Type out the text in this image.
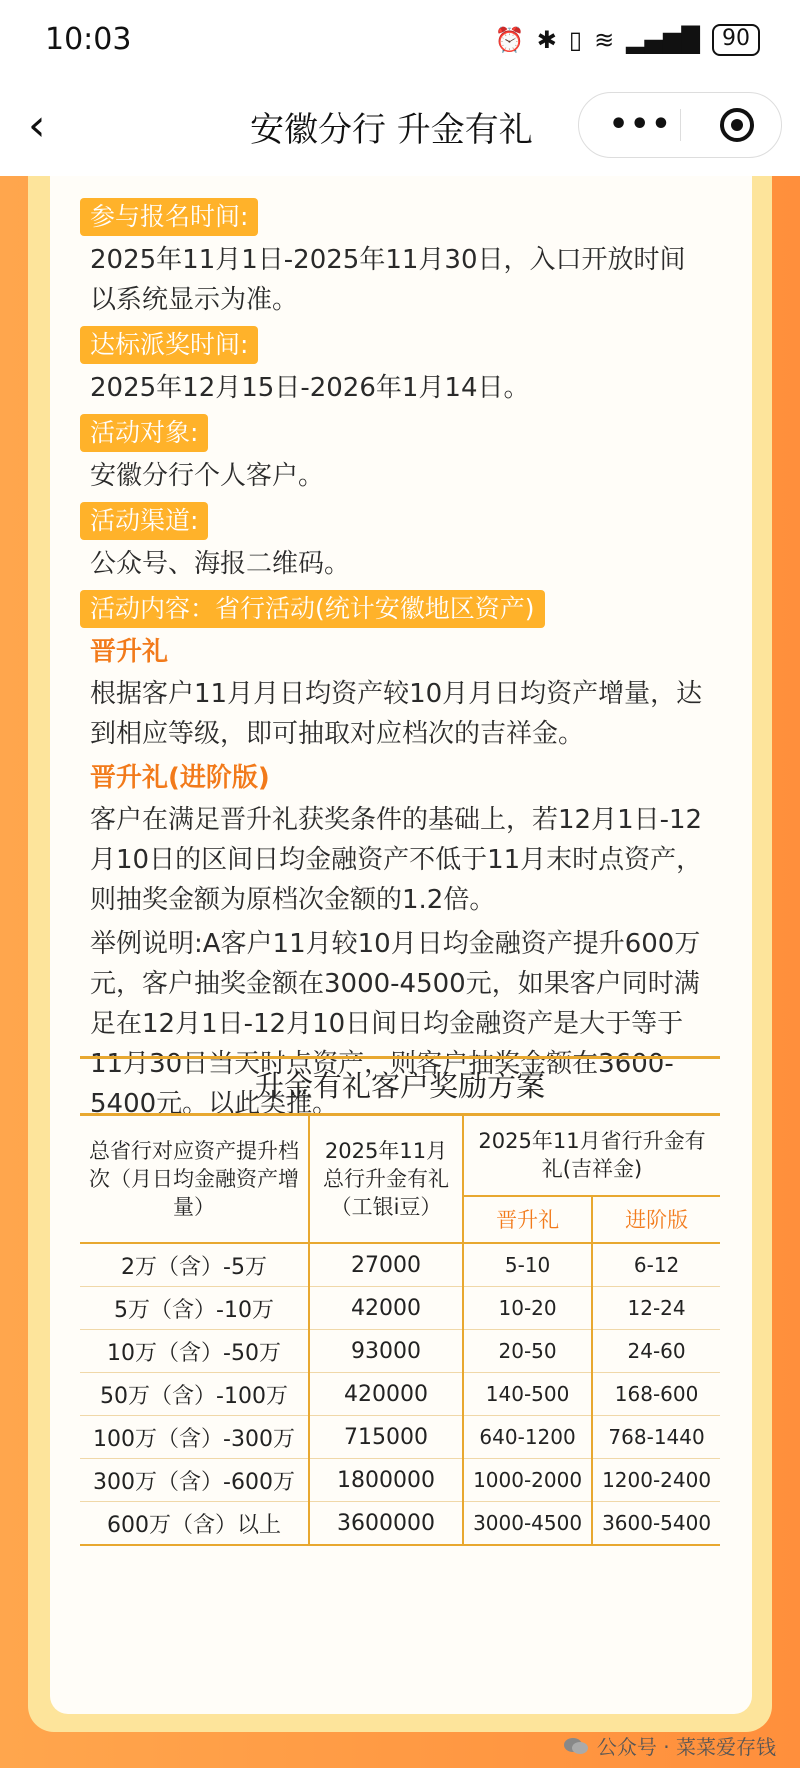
10:03	⏰ ✱ ▯ ≋ ▂▄▆█	90
‹	安徽分行 升金有礼	•••
参与报名时间:
2025年11月1日-2025年11月30日，入口开放时间以系统显示为准。
达标派奖时间:
2025年12月15日-2026年1月14日。
活动对象:
安徽分行个人客户。
活动渠道:
公众号、海报二维码。
活动内容：省行活动(统计安徽地区资产)
晋升礼
根据客户11月月日均资产较10月月日均资产增量，达到相应等级，即可抽取对应档次的吉祥金。
晋升礼(进阶版)
客户在满足晋升礼获奖条件的基础上，若12月1日-12月10日的区间日均金融资产不低于11月末时点资产，则抽奖金额为原档次金额的1.2倍。
举例说明:A客户11月较10月日均金融资产提升600万元，客户抽奖金额在3000-4500元，如果客户同时满足在12月1日-12月10日间日均金融资产是大于等于11月30日当天时点资产，则客户抽奖金额在3600-5400元。以此类推。
升金有礼客户奖励方案
总省行对应资产提升档次（月日均金融资产增量）	2025年11月总行升金有礼（工银i豆）	2025年11月省行升金有礼(吉祥金)	
		晋升礼	进阶版
2万（含）-5万	27000	5-10	6-12
5万（含）-10万	42000	10-20	12-24
10万（含）-50万	93000	20-50	24-60
50万（含）-100万	420000	140-500	168-600
100万（含）-300万	715000	640-1200	768-1440
300万（含）-600万	1800000	1000-2000	1200-2400
600万（含）以上	3600000	3000-4500	3600-5400
公众号 · 菜菜爱存钱
